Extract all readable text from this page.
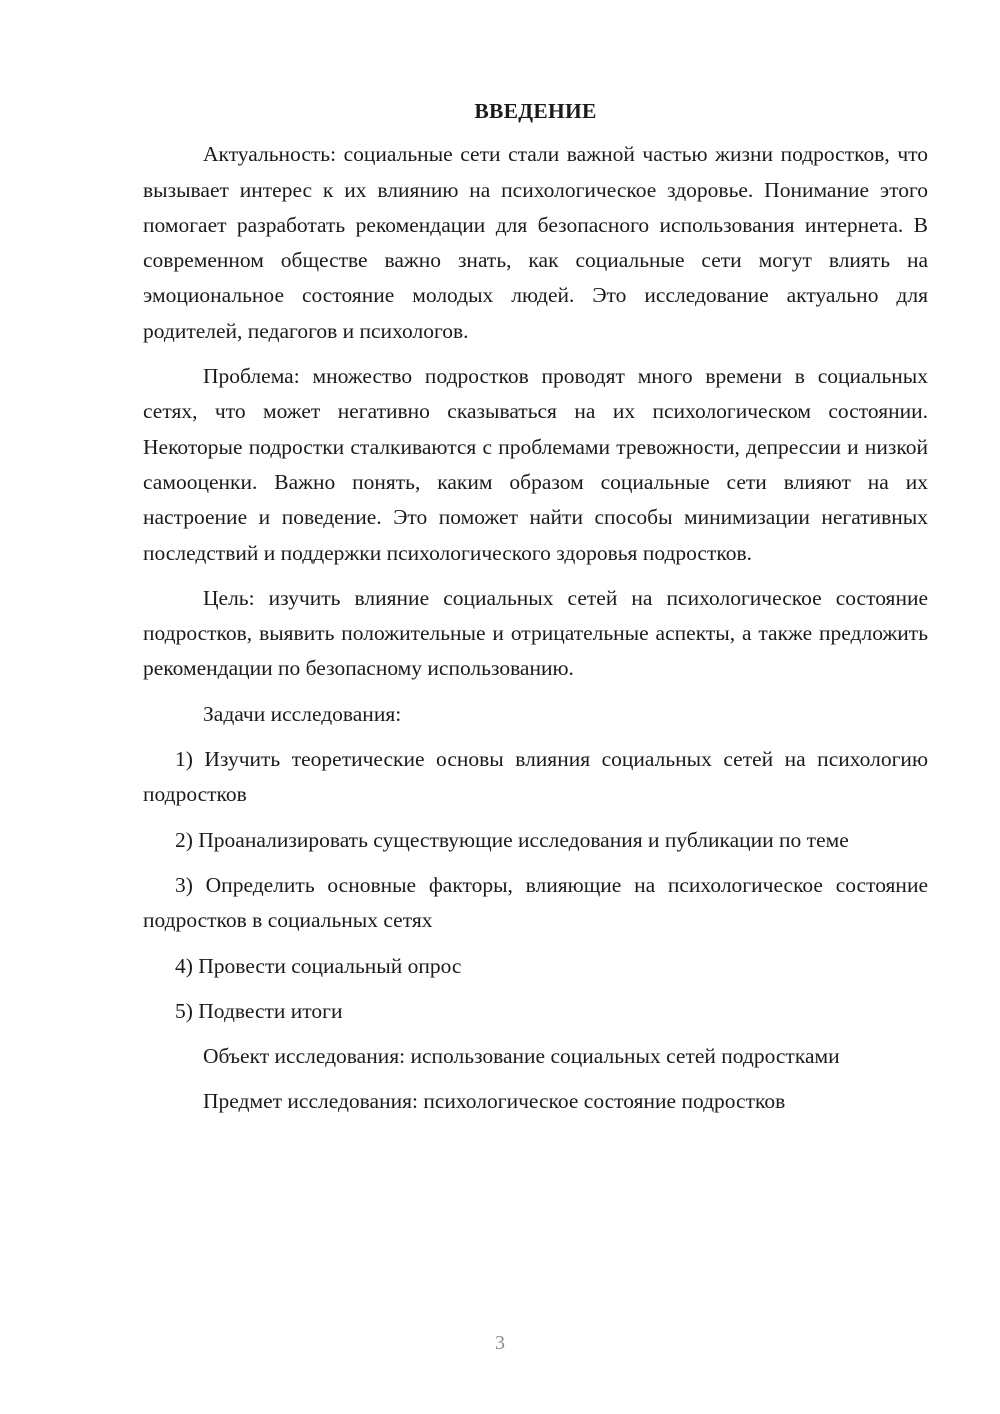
ВВЕДЕНИЕ

Актуальность: социальные сети стали важной частью жизни подростков, что вызывает интерес к их влиянию на психологическое здоровье. Понимание этого помогает разработать рекомендации для безопасного использования интернета. В современном обществе важно знать, как социальные сети могут влиять на эмоциональное состояние молодых людей. Это исследование актуально для родителей, педагогов и психологов.

Проблема: множество подростков проводят много времени в социальных сетях, что может негативно сказываться на их психологическом состоянии. Некоторые подростки сталкиваются с проблемами тревожности, депрессии и низкой самооценки. Важно понять, каким образом социальные сети влияют на их настроение и поведение. Это поможет найти способы минимизации негативных последствий и поддержки психологического здоровья подростков.

Цель: изучить влияние социальных сетей на психологическое состояние подростков, выявить положительные и отрицательные аспекты, а также предложить рекомендации по безопасному использованию.

Задачи исследования:

1) Изучить теоретические основы влияния социальных сетей на психологию подростков

2) Проанализировать существующие исследования и публикации по теме

3) Определить основные факторы, влияющие на психологическое состояние подростков в социальных сетях

4) Провести социальный опрос

5) Подвести итоги

Объект исследования: использование социальных сетей подростками

Предмет исследования: психологическое состояние подростков

3
